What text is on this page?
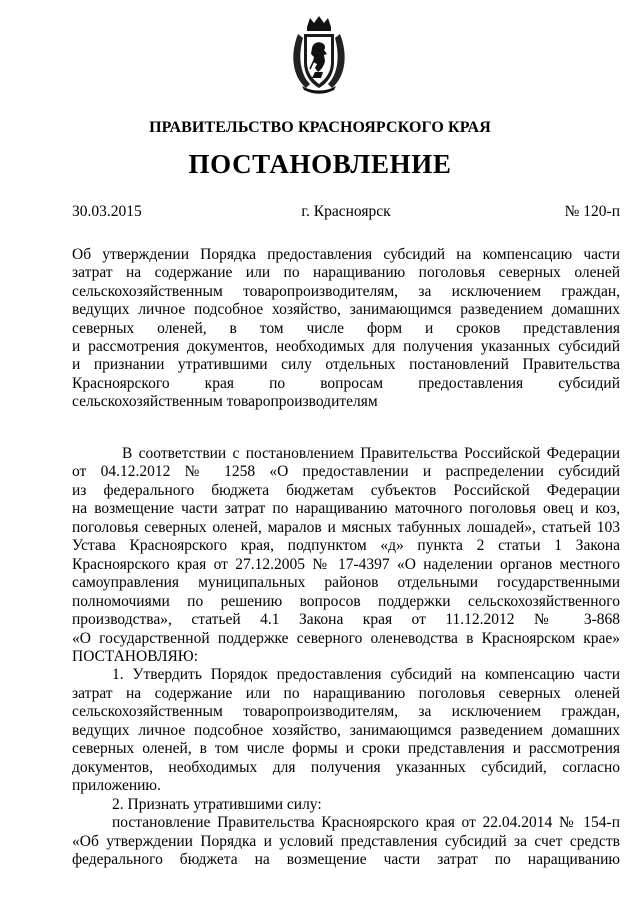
ПРАВИТЕЛЬСТВО КРАСНОЯРСКОГО КРАЯ
ПОСТАНОВЛЕНИЕ
30.03.2015	г. Красноярск	№ 120-п
Об утверждении Порядка предоставления субсидий на компенсацию части
затрат на содержание или по наращиванию поголовья северных оленей
сельскохозяйственным товаропроизводителям, за исключением граждан,
ведущих личное подсобное хозяйство, занимающимся разведением домашних
северных оленей, в том числе форм и сроков представления
и рассмотрения документов, необходимых для получения указанных субсидий
и признании утратившими силу отдельных постановлений Правительства
Красноярского края по вопросам предоставления субсидий
сельскохозяйственным товаропроизводителям
В соответствии с постановлением Правительства Российской Федерации
от 04.12.2012 № 1258 «О предоставлении и распределении субсидий
из федерального бюджета бюджетам субъектов Российской Федерации
на возмещение части затрат по наращиванию маточного поголовья овец и коз,
поголовья северных оленей, маралов и мясных табунных лошадей», статьей 103
Устава Красноярского края, подпунктом «д» пункта 2 статьи 1 Закона
Красноярского края от 27.12.2005 № 17-4397 «О наделении органов местного
самоуправления муниципальных районов отдельными государственными
полномочиями по решению вопросов поддержки сельскохозяйственного
производства», статьей 4.1 Закона края от 11.12.2012 № 3-868
«О государственной поддержке северного оленеводства в Красноярском крае»
ПОСТАНОВЛЯЮ:
1. Утвердить Порядок предоставления субсидий на компенсацию части
затрат на содержание или по наращиванию поголовья северных оленей
сельскохозяйственным товаропроизводителям, за исключением граждан,
ведущих личное подсобное хозяйство, занимающимся разведением домашних
северных оленей, в том числе формы и сроки представления и рассмотрения
документов, необходимых для получения указанных субсидий, согласно
приложению.
2. Признать утратившими силу:
постановление Правительства Красноярского края от 22.04.2014 № 154-п
«Об утверждении Порядка и условий представления субсидий за счет средств
федерального бюджета на возмещение части затрат по наращиванию
